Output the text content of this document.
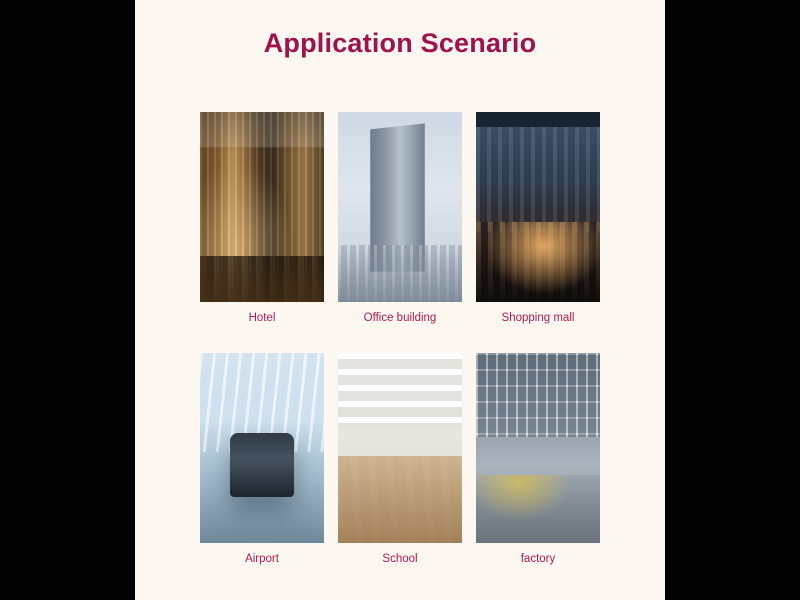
Application Scenario
Hotel	Office building	Shopping mall
Airport	School	factory
